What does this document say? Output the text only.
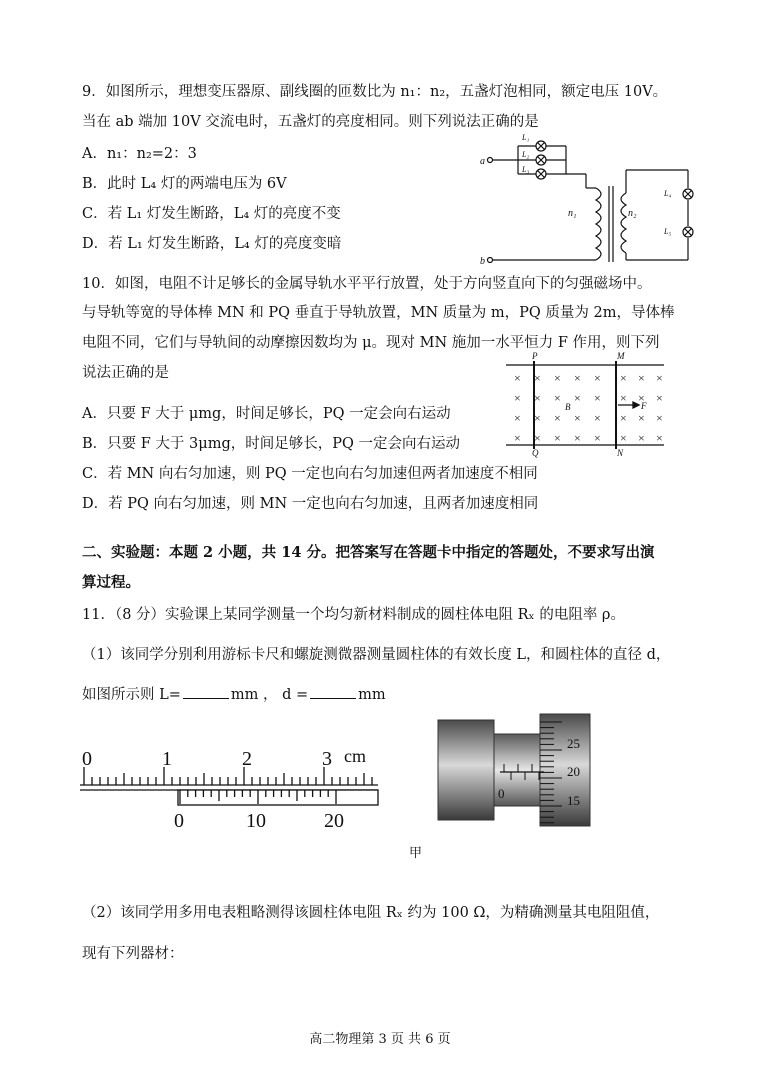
9．如图所示，理想变压器原、副线圈的匝数比为 n₁：n₂，五盏灯泡相同，额定电压 10V。
当在 ab 端加 10V 交流电时，五盏灯的亮度相同。则下列说法正确的是
A．n₁：n₂=2：3
B．此时 L₄ 灯的两端电压为 6V
C．若 L₁ 灯发生断路，L₄ 灯的亮度不变
D．若 L₁ 灯发生断路，L₄ 灯的亮度变暗
a
b
L₁
L₂
L₃
L₄
L₅
n₁	n₂
10．如图，电阻不计足够长的金属导轨水平平行放置，处于方向竖直向下的匀强磁场中。
与导轨等宽的导体棒 MN 和 PQ 垂直于导轨放置，MN 质量为 m，PQ 质量为 2m，导体棒
电阻不同，它们与导轨间的动摩擦因数均为 μ。现对 MN 施加一水平恒力 F 作用，则下列
说法正确的是
A．只要 F 大于 μmg，时间足够长，PQ 一定会向右运动
B．只要 F 大于 3μmg，时间足够长，PQ 一定会向右运动
C．若 MN 向右匀加速，则 PQ 一定也向右匀加速但两者加速度不相同
D．若 PQ 向右匀加速，则 MN 一定也向右匀加速，且两者加速度相同
× × × × × × × ×
× × × × × × × ×
× × × × × × × ×
× × × × × × × ×
P	M
Q	N
B	F
二、实验题：本题 2 小题，共 14 分。把答案写在答题卡中指定的答题处，不要求写出演
算过程。
11．（8 分）实验课上某同学测量一个均匀新材料制成的圆柱体电阻 Rₓ 的电阻率 ρ。
（1）该同学分别利用游标卡尺和螺旋测微器测量圆柱体的有效长度 L，和圆柱体的直径 d，
如图所示则 L=	mm ， d =	mm
0	1	2	3 cm
0	10	20
0
25
20
15
甲
（2）该同学用多用电表粗略测得该圆柱体电阻 Rₓ 约为 100 Ω，为精确测量其电阻阻值，
现有下列器材：
高二物理第 3 页 共 6 页
